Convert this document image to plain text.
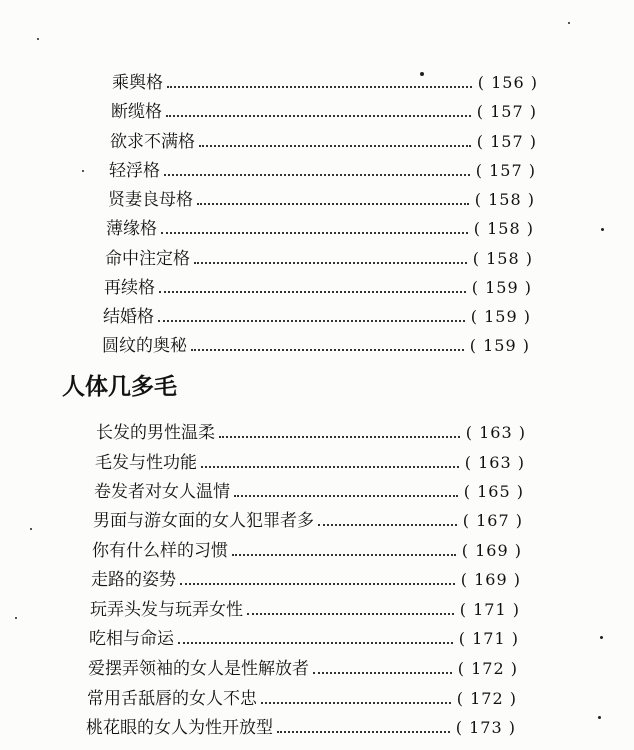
乘舆格	( 156 )
断缆格	( 157 )
欲求不满格	( 157 )
轻浮格	( 157 )
贤妻良母格	( 158 )
薄缘格	( 158 )
命中注定格	( 158 )
再续格	( 159 )
结婚格	( 159 )
圆纹的奥秘	( 159 )
人体几多毛
长发的男性温柔	( 163 )
毛发与性功能	( 163 )
卷发者对女人温情	( 165 )
男面与游女面的女人犯罪者多	( 167 )
你有什么样的习惯	( 169 )
走路的姿势	( 169 )
玩弄头发与玩弄女性	( 171 )
吃相与命运	( 171 )
爱摆弄领袖的女人是性解放者	( 172 )
常用舌舐唇的女人不忠	( 172 )
桃花眼的女人为性开放型	( 173 )
